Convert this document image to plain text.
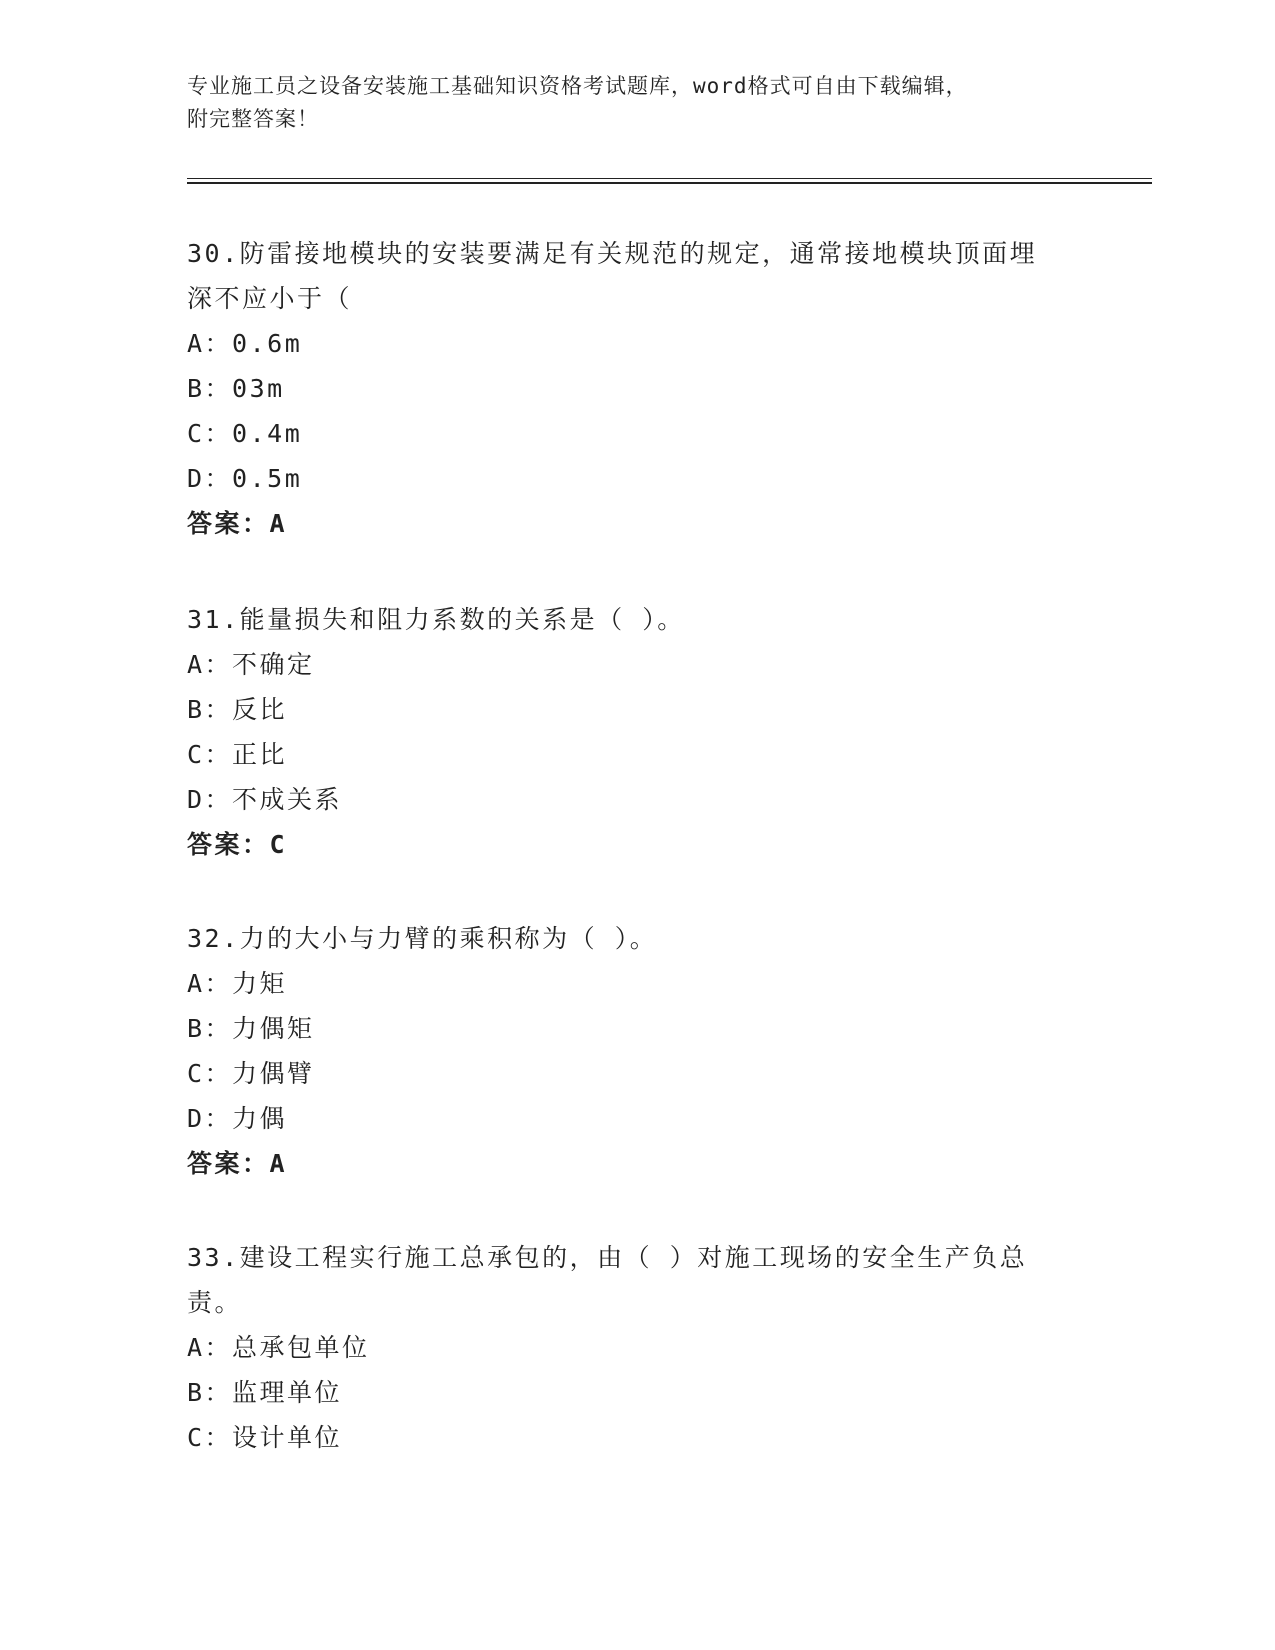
专业施工员之设备安装施工基础知识资格考试题库，word格式可自由下载编辑，
附完整答案！

30.防雷接地模块的安装要满足有关规范的规定，通常接地模块顶面埋

深不应小于（

A：0.6m

B：03m

C：0.4m

D：0.5m

答案：A

31.能量损失和阻力系数的关系是（ ）。

A：不确定

B：反比

C：正比

D：不成关系

答案：C

32.力的大小与力臂的乘积称为（ ）。

A：力矩

B：力偶矩

C：力偶臂

D：力偶

答案：A

33.建设工程实行施工总承包的，由（ ）对施工现场的安全生产负总

责。

A：总承包单位

B：监理单位

C：设计单位
